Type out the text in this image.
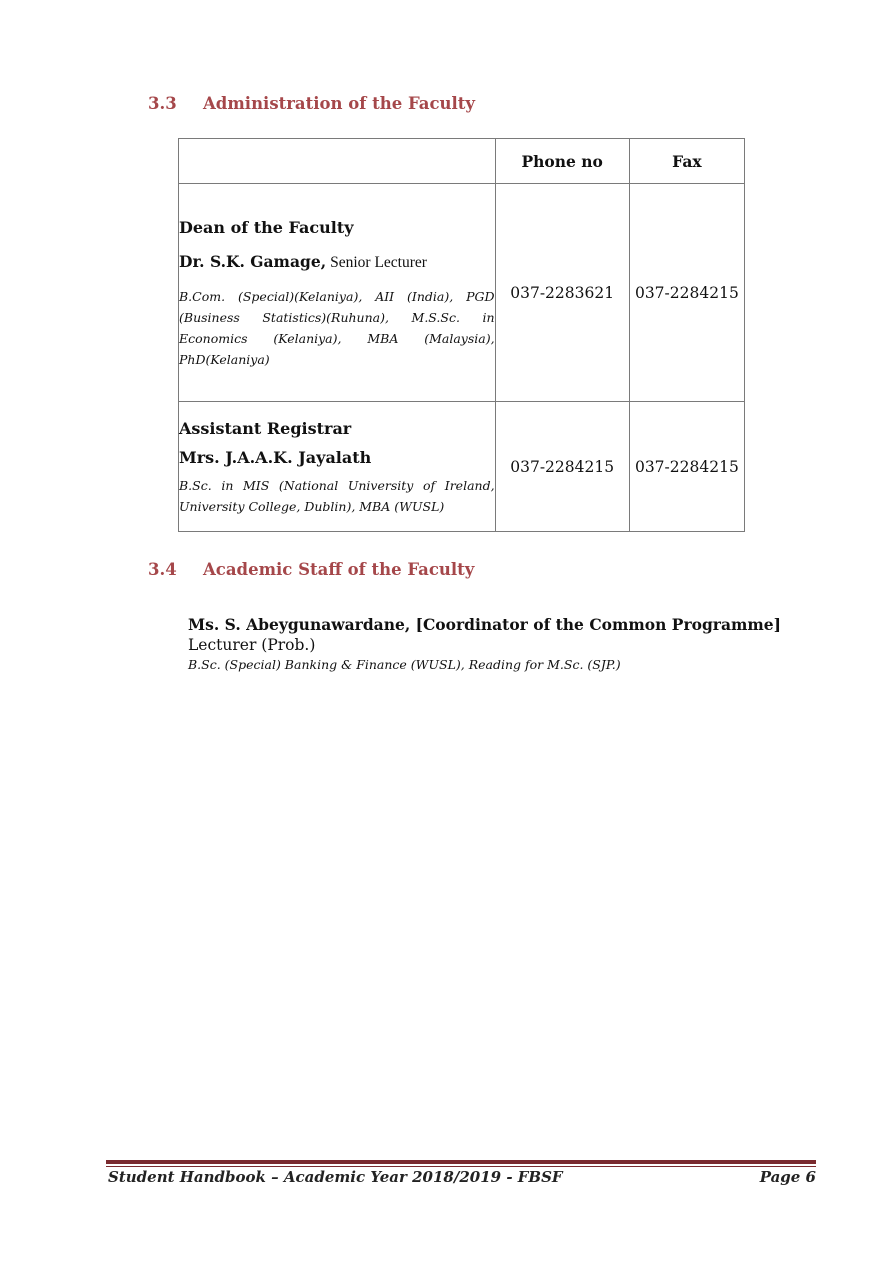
3.3 Administration of the Faculty
	Phone no	Fax

Dean of the Faculty
Dr. S.K. Gamage, Senior Lecturer
B.Com. (Special)(Kelaniya), AII (India), PGD (Business Statistics)(Ruhuna), M.S.Sc. in Economics (Kelaniya), MBA (Malaysia), PhD(Kelaniya)	037-2283621	037-2284215

Assistant Registrar
Mrs. J.A.A.K. Jayalath
B.Sc. in MIS (National University of Ireland, University College, Dublin), MBA (WUSL)	037-2284215	037-2284215
3.4 Academic Staff of the Faculty
Ms. S. Abeygunawardane, [Coordinator of the Common Programme]
Lecturer (Prob.)
B.Sc. (Special) Banking & Finance (WUSL), Reading for M.Sc. (SJP.)
Student Handbook – Academic Year 2018/2019 - FBSF	Page 6
